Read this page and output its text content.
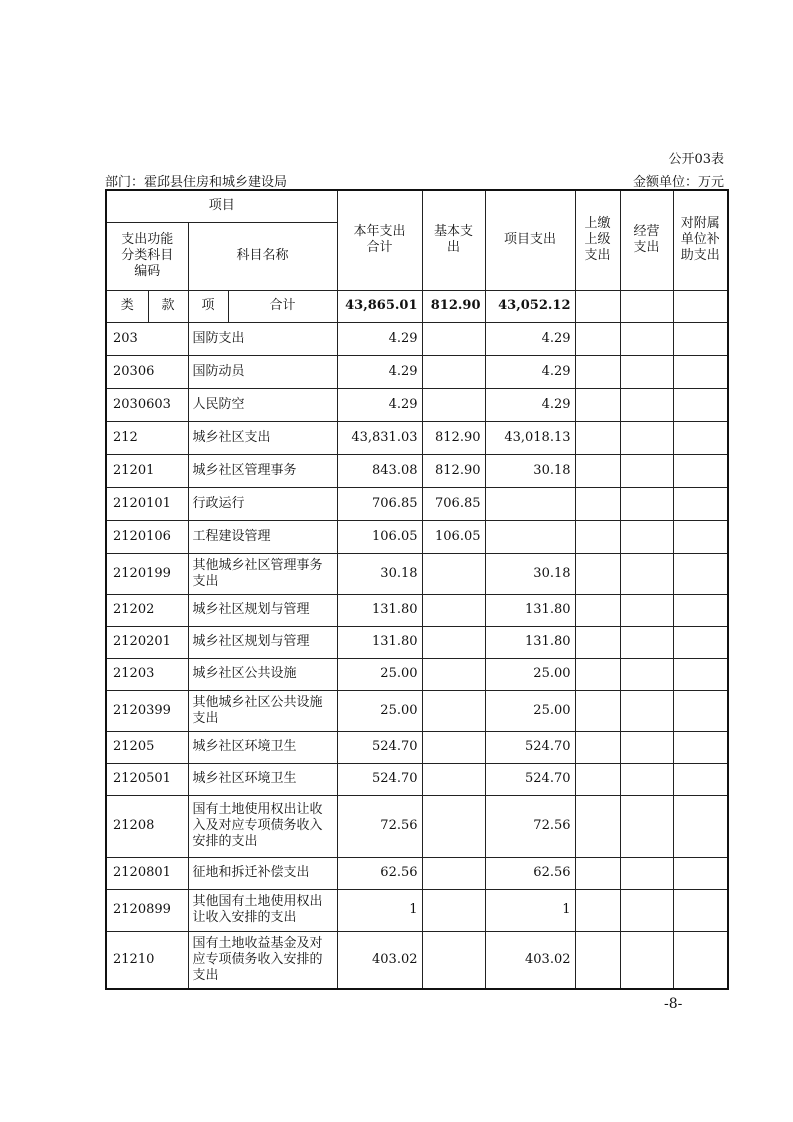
公开03表
部门：霍邱县住房和城乡建设局	金额单位：万元
项目				本年支出合计	基本支出	项目支出	上缴上级支出	经营支出	对附属单位补助支出

支出功能分类科目编码		科目名称							
类	款	项	合计	43,865.01	812.90	43,052.12			
203		国防支出		4.29		4.29			
20306		国防动员		4.29		4.29			
2030603		人民防空		4.29		4.29			
212		城乡社区支出		43,831.03	812.90	43,018.13			
21201		城乡社区管理事务		843.08	812.90	30.18			
2120101		行政运行		706.85	706.85				
2120106		工程建设管理		106.05	106.05				
2120199		其他城乡社区管理事务支出		30.18		30.18			
21202		城乡社区规划与管理		131.80		131.80			
2120201		城乡社区规划与管理		131.80		131.80			
21203		城乡社区公共设施		25.00		25.00			
2120399		其他城乡社区公共设施支出		25.00		25.00			
21205		城乡社区环境卫生		524.70		524.70			
2120501		城乡社区环境卫生		524.70		524.70			
21208		国有土地使用权出让收入及对应专项债务收入安排的支出		72.56		72.56			
2120801		征地和拆迁补偿支出		62.56		62.56			
2120899		其他国有土地使用权出让收入安排的支出		1		1			
21210		国有土地收益基金及对应专项债务收入安排的支出		403.02		403.02			
-8-
